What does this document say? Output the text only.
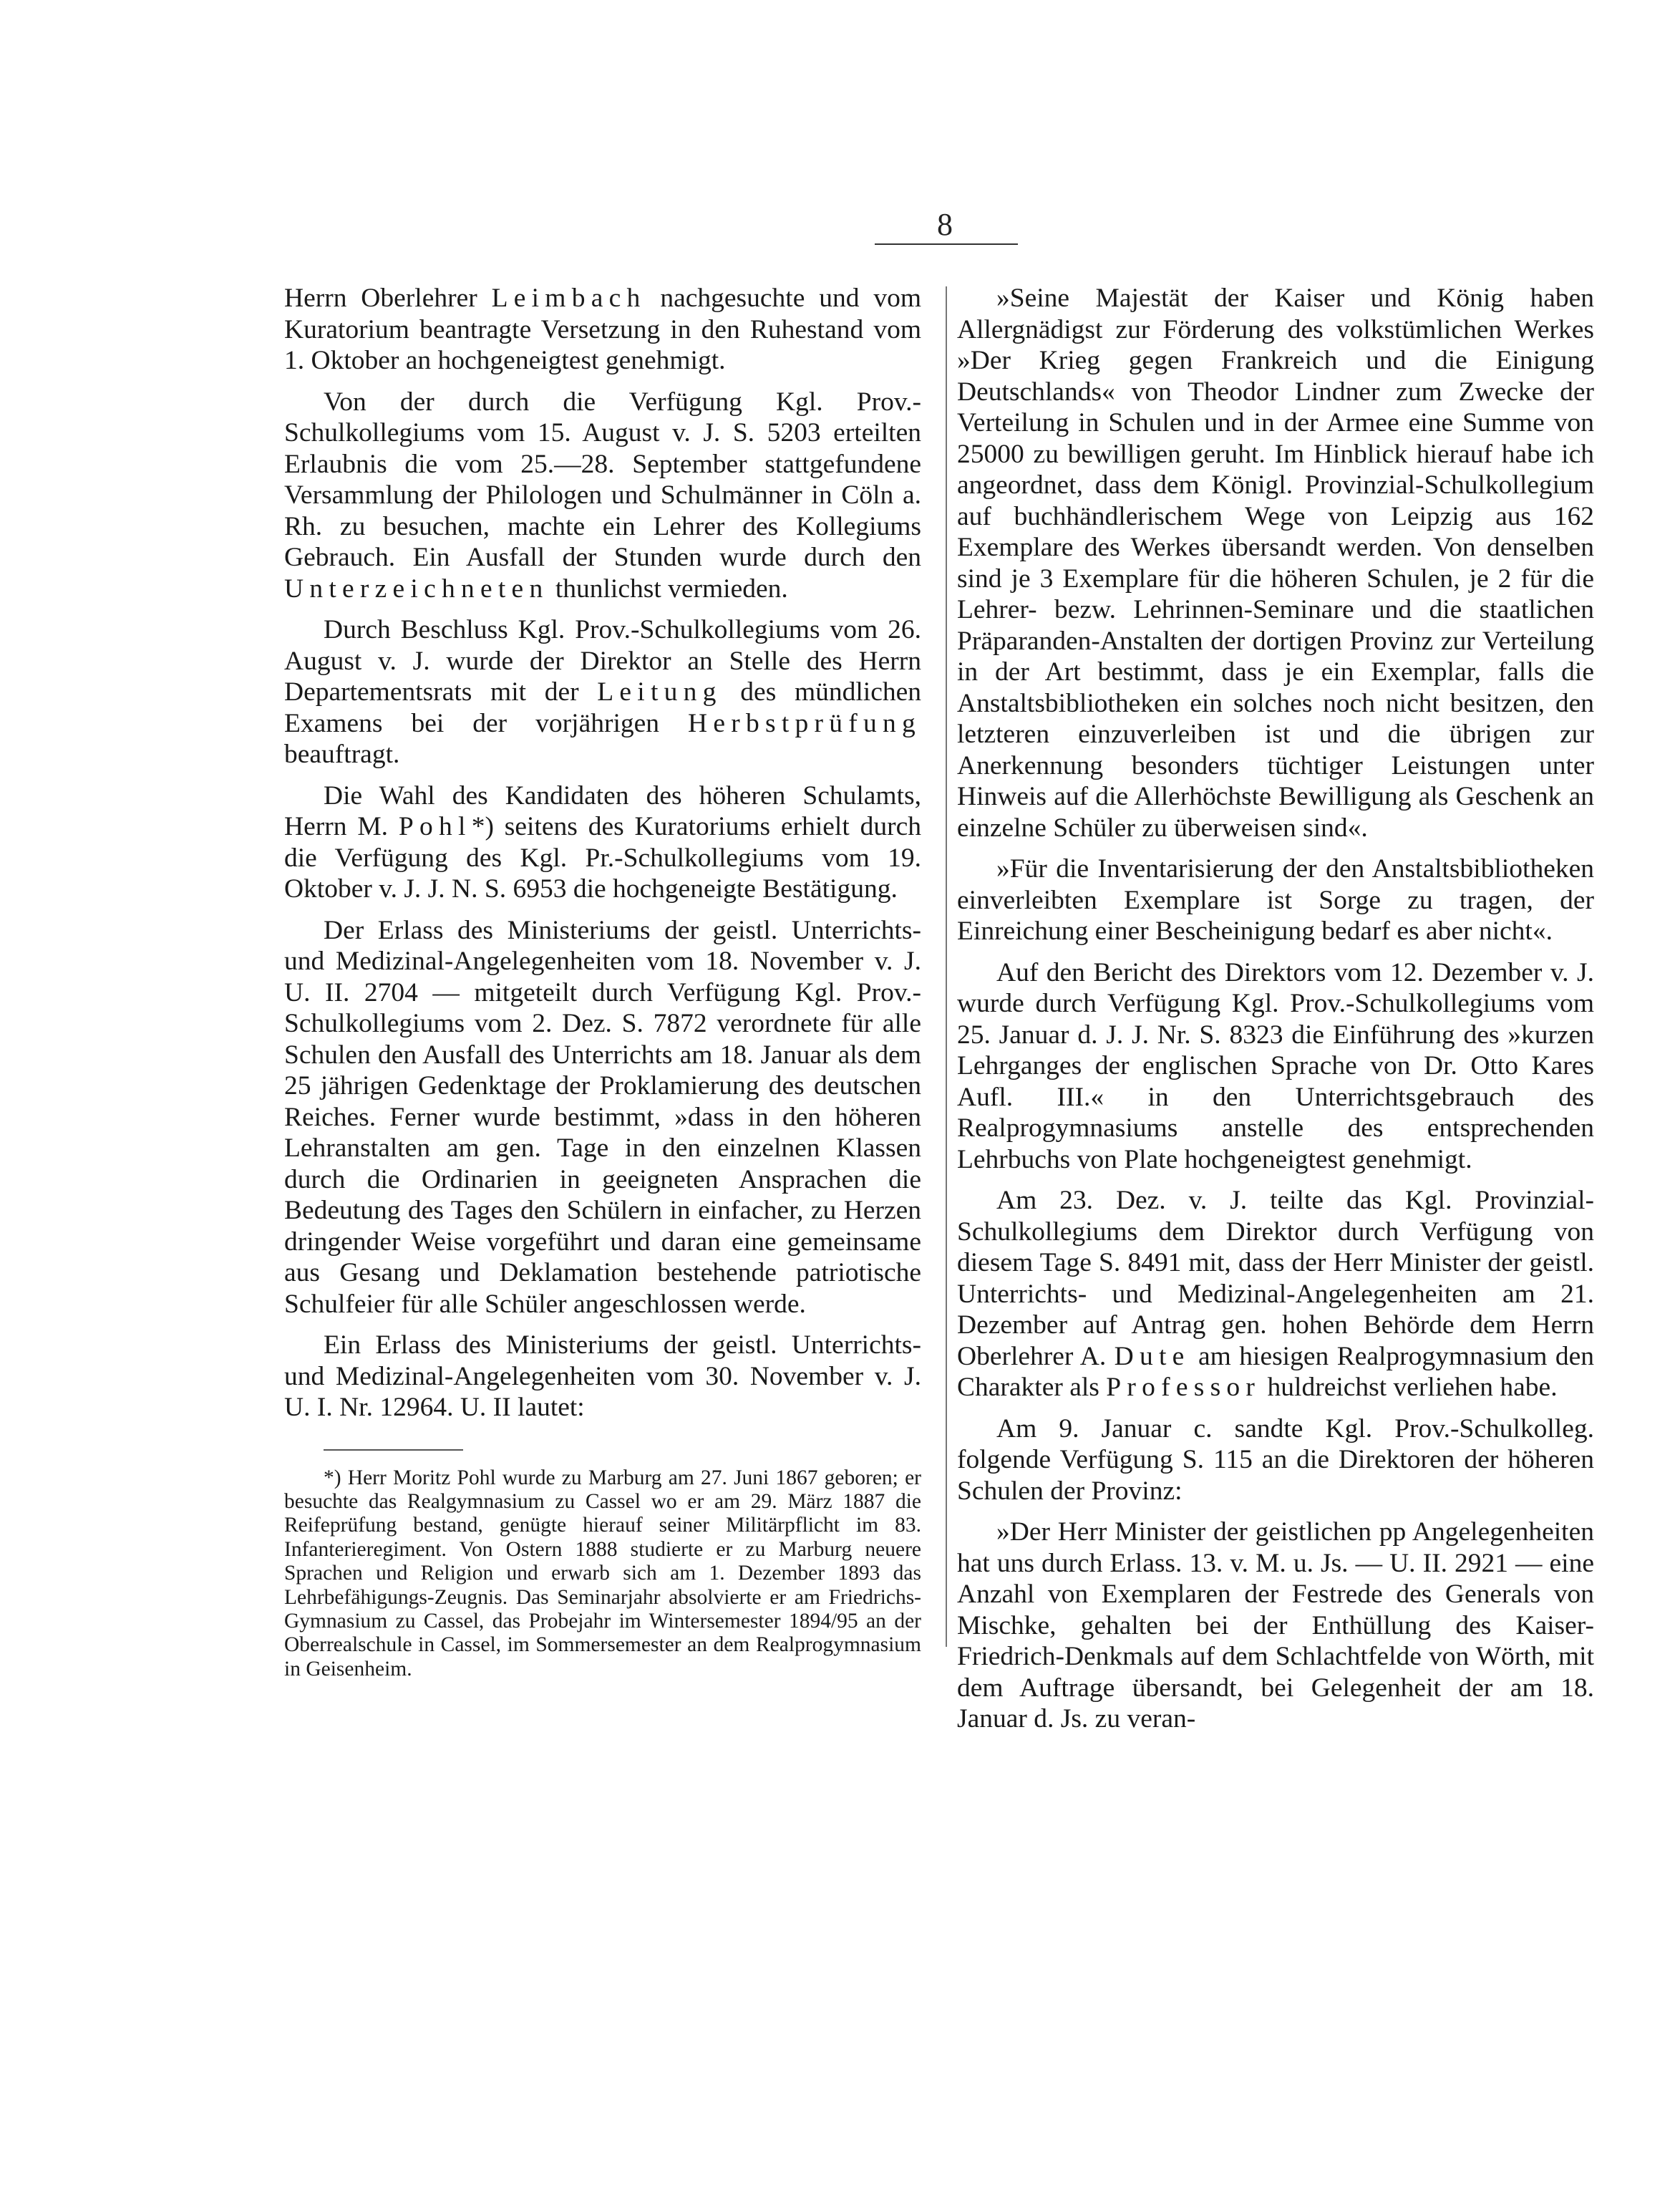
8

Herrn Oberlehrer Leimbach nachgesuchte und vom Kuratorium beantragte Versetzung in den Ruhestand vom 1. Oktober an hochgeneigtest genehmigt.

Von der durch die Verfügung Kgl. Prov.-Schulkollegiums vom 15. August v. J. S. 5203 erteilten Erlaubnis die vom 25.—28. September stattgefundene Versammlung der Philologen und Schulmänner in Cöln a. Rh. zu besuchen, machte ein Lehrer des Kollegiums Gebrauch. Ein Ausfall der Stunden wurde durch den Unterzeichneten thunlichst vermieden.

Durch Beschluss Kgl. Prov.-Schulkollegiums vom 26. August v. J. wurde der Direktor an Stelle des Herrn Departementsrats mit der Leitung des mündlichen Examens bei der vorjährigen Herbstprüfung beauftragt.

Die Wahl des Kandidaten des höheren Schulamts, Herrn M. Pohl*) seitens des Kuratoriums erhielt durch die Verfügung des Kgl. Pr.-Schulkollegiums vom 19. Oktober v. J. J. N. S. 6953 die hochgeneigte Bestätigung.

Der Erlass des Ministeriums der geistl. Unterrichts- und Medizinal-Angelegenheiten vom 18. November v. J. U. II. 2704 — mitgeteilt durch Verfügung Kgl. Prov.-Schulkollegiums vom 2. Dez. S. 7872 verordnete für alle Schulen den Ausfall des Unterrichts am 18. Januar als dem 25 jährigen Gedenktage der Proklamierung des deutschen Reiches. Ferner wurde bestimmt, »dass in den höheren Lehranstalten am gen. Tage in den einzelnen Klassen durch die Ordinarien in geeigneten Ansprachen die Bedeutung des Tages den Schülern in einfacher, zu Herzen dringender Weise vorgeführt und daran eine gemeinsame aus Gesang und Deklamation bestehende patriotische Schulfeier für alle Schüler angeschlossen werde.

Ein Erlass des Ministeriums der geistl. Unterrichts- und Medizinal-Angelegenheiten vom 30. November v. J. U. I. Nr. 12964. U. II lautet:

*) Herr Moritz Pohl wurde zu Marburg am 27. Juni 1867 geboren; er besuchte das Realgymnasium zu Cassel wo er am 29. März 1887 die Reifeprüfung bestand, genügte hierauf seiner Militärpflicht im 83. Infanterieregiment. Von Ostern 1888 studierte er zu Marburg neuere Sprachen und Religion und erwarb sich am 1. Dezember 1893 das Lehrbefähigungs-Zeugnis. Das Seminarjahr absolvierte er am Friedrichs-Gymnasium zu Cassel, das Probejahr im Wintersemester 1894/95 an der Oberrealschule in Cassel, im Sommersemester an dem Realprogymnasium in Geisenheim.

»Seine Majestät der Kaiser und König haben Allergnädigst zur Förderung des volkstümlichen Werkes »Der Krieg gegen Frankreich und die Einigung Deutschlands« von Theodor Lindner zum Zwecke der Verteilung in Schulen und in der Armee eine Summe von 25000 zu bewilligen geruht. Im Hinblick hierauf habe ich angeordnet, dass dem Königl. Provinzial-Schulkollegium auf buchhändlerischem Wege von Leipzig aus 162 Exemplare des Werkes übersandt werden. Von denselben sind je 3 Exemplare für die höheren Schulen, je 2 für die Lehrer- bezw. Lehrinnen-Seminare und die staatlichen Präparanden-Anstalten der dortigen Provinz zur Verteilung in der Art bestimmt, dass je ein Exemplar, falls die Anstaltsbibliotheken ein solches noch nicht besitzen, den letzteren einzuverleiben ist und die übrigen zur Anerkennung besonders tüchtiger Leistungen unter Hinweis auf die Allerhöchste Bewilligung als Geschenk an einzelne Schüler zu überweisen sind«.

»Für die Inventarisierung der den Anstaltsbibliotheken einverleibten Exemplare ist Sorge zu tragen, der Einreichung einer Bescheinigung bedarf es aber nicht«.

Auf den Bericht des Direktors vom 12. Dezember v. J. wurde durch Verfügung Kgl. Prov.-Schulkollegiums vom 25. Januar d. J. J. Nr. S. 8323 die Einführung des »kurzen Lehrganges der englischen Sprache von Dr. Otto Kares Aufl. III.« in den Unterrichtsgebrauch des Realprogymnasiums anstelle des entsprechenden Lehrbuchs von Plate hochgeneigtest genehmigt.

Am 23. Dez. v. J. teilte das Kgl. Provinzial-Schulkollegiums dem Direktor durch Verfügung von diesem Tage S. 8491 mit, dass der Herr Minister der geistl. Unterrichts- und Medizinal-Angelegenheiten am 21. Dezember auf Antrag gen. hohen Behörde dem Herrn Oberlehrer A. Dute am hiesigen Realprogymnasium den Charakter als Professor huldreichst verliehen habe.

Am 9. Januar c. sandte Kgl. Prov.-Schulkolleg. folgende Verfügung S. 115 an die Direktoren der höheren Schulen der Provinz:

»Der Herr Minister der geistlichen pp Angelegenheiten hat uns durch Erlass. 13. v. M. u. Js. — U. II. 2921 — eine Anzahl von Exemplaren der Festrede des Generals von Mischke, gehalten bei der Enthüllung des Kaiser-Friedrich-Denkmals auf dem Schlachtfelde von Wörth, mit dem Auftrage übersandt, bei Gelegenheit der am 18. Januar d. Js. zu veran-
